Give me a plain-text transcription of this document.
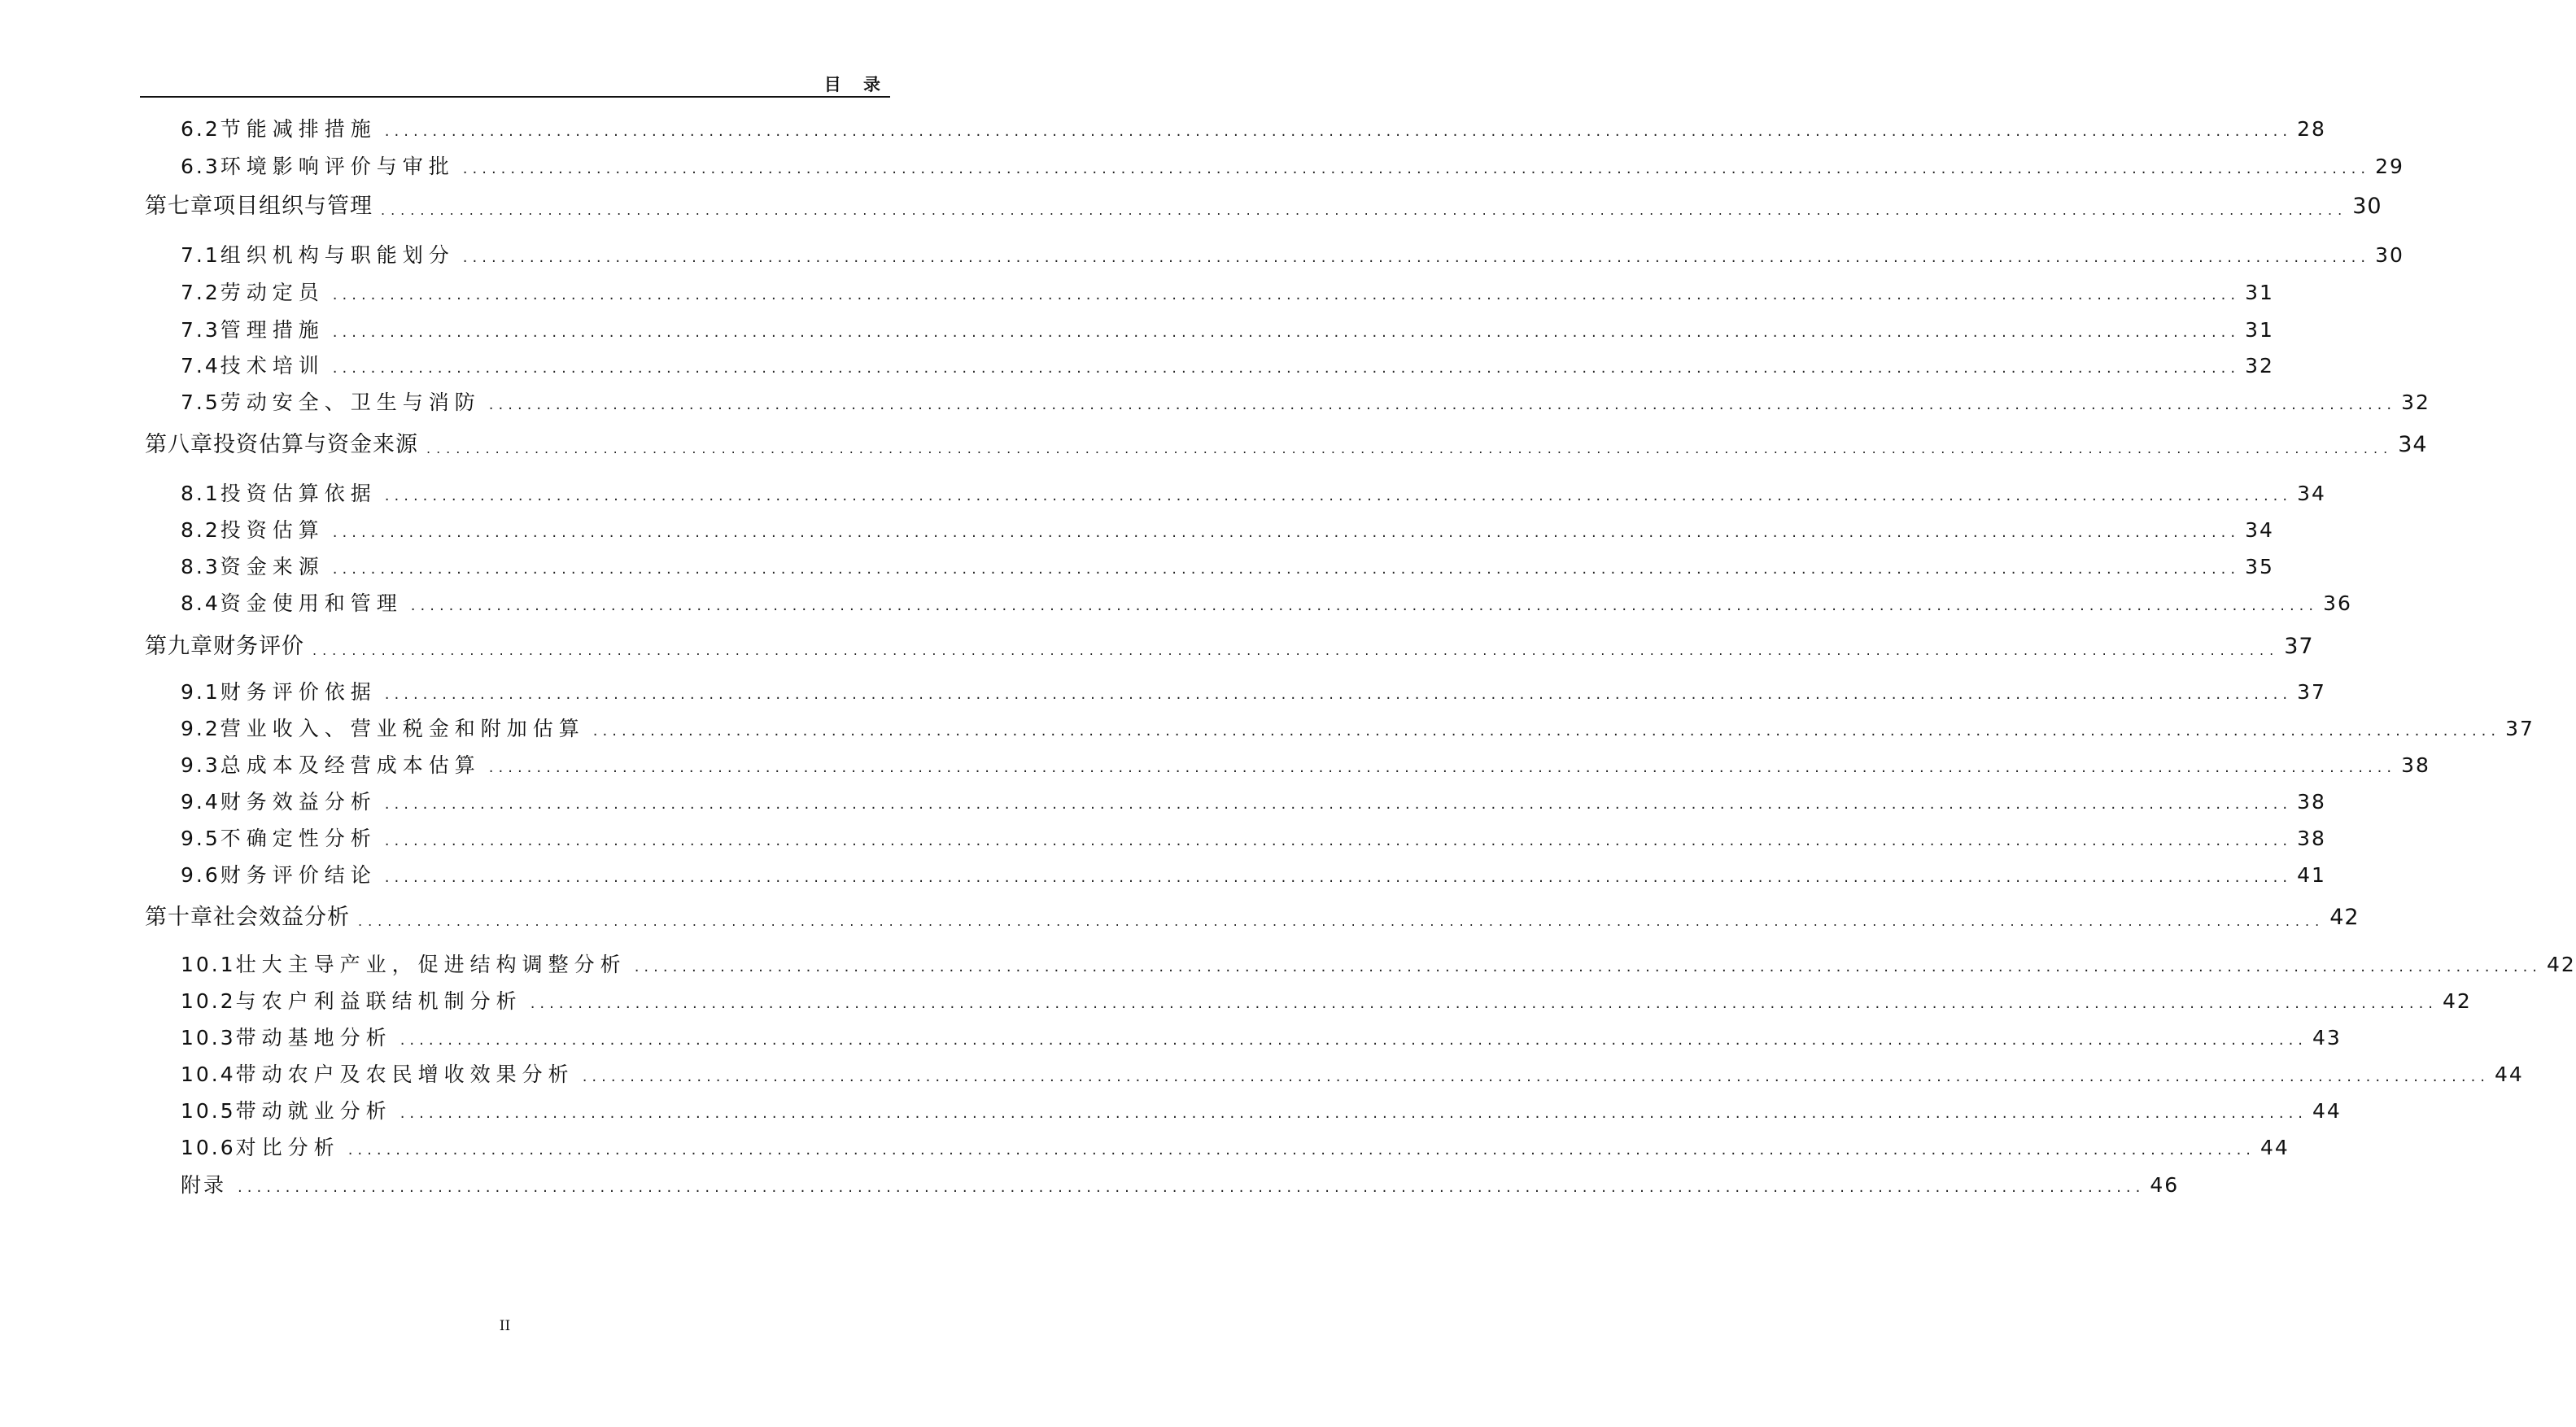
目 录
6.2 节能减排措施 ........................................................................................................................................................................................................ 28
6.3 环境影响评价与审批 ........................................................................................................................................................................................................ 29
第七章 项目组织与管理 ........................................................................................................................................................................................................ 30
7.1 组织机构与职能划分 ........................................................................................................................................................................................................ 30
7.2 劳动定员 ........................................................................................................................................................................................................ 31
7.3 管理措施 ........................................................................................................................................................................................................ 31
7.4 技术培训 ........................................................................................................................................................................................................ 32
7.5 劳动安全、卫生与消防 ........................................................................................................................................................................................................ 32
第八章 投资估算与资金来源 ........................................................................................................................................................................................................ 34
8.1 投资估算依据 ........................................................................................................................................................................................................ 34
8.2 投资估算 ........................................................................................................................................................................................................ 34
8.3 资金来源 ........................................................................................................................................................................................................ 35
8.4 资金使用和管理 ........................................................................................................................................................................................................ 36
第九章 财务评价 ........................................................................................................................................................................................................ 37
9.1 财务评价依据 ........................................................................................................................................................................................................ 37
9.2 营业收入、营业税金和附加估算 ........................................................................................................................................................................................................ 37
9.3 总成本及经营成本估算 ........................................................................................................................................................................................................ 38
9.4 财务效益分析 ........................................................................................................................................................................................................ 38
9.5 不确定性分析 ........................................................................................................................................................................................................ 38
9.6 财务评价结论 ........................................................................................................................................................................................................ 41
第十章 社会效益分析 ........................................................................................................................................................................................................ 42
10.1 壮大主导产业，促进结构调整分析 ........................................................................................................................................................................................................ 42
10.2 与农户利益联结机制分析 ........................................................................................................................................................................................................ 42
10.3 带动基地分析 ........................................................................................................................................................................................................ 43
10.4 带动农户及农民增收效果分析 ........................................................................................................................................................................................................ 44
10.5 带动就业分析 ........................................................................................................................................................................................................ 44
10.6 对比分析 ........................................................................................................................................................................................................ 44
附 录 ........................................................................................................................................................................................................ 46
II
